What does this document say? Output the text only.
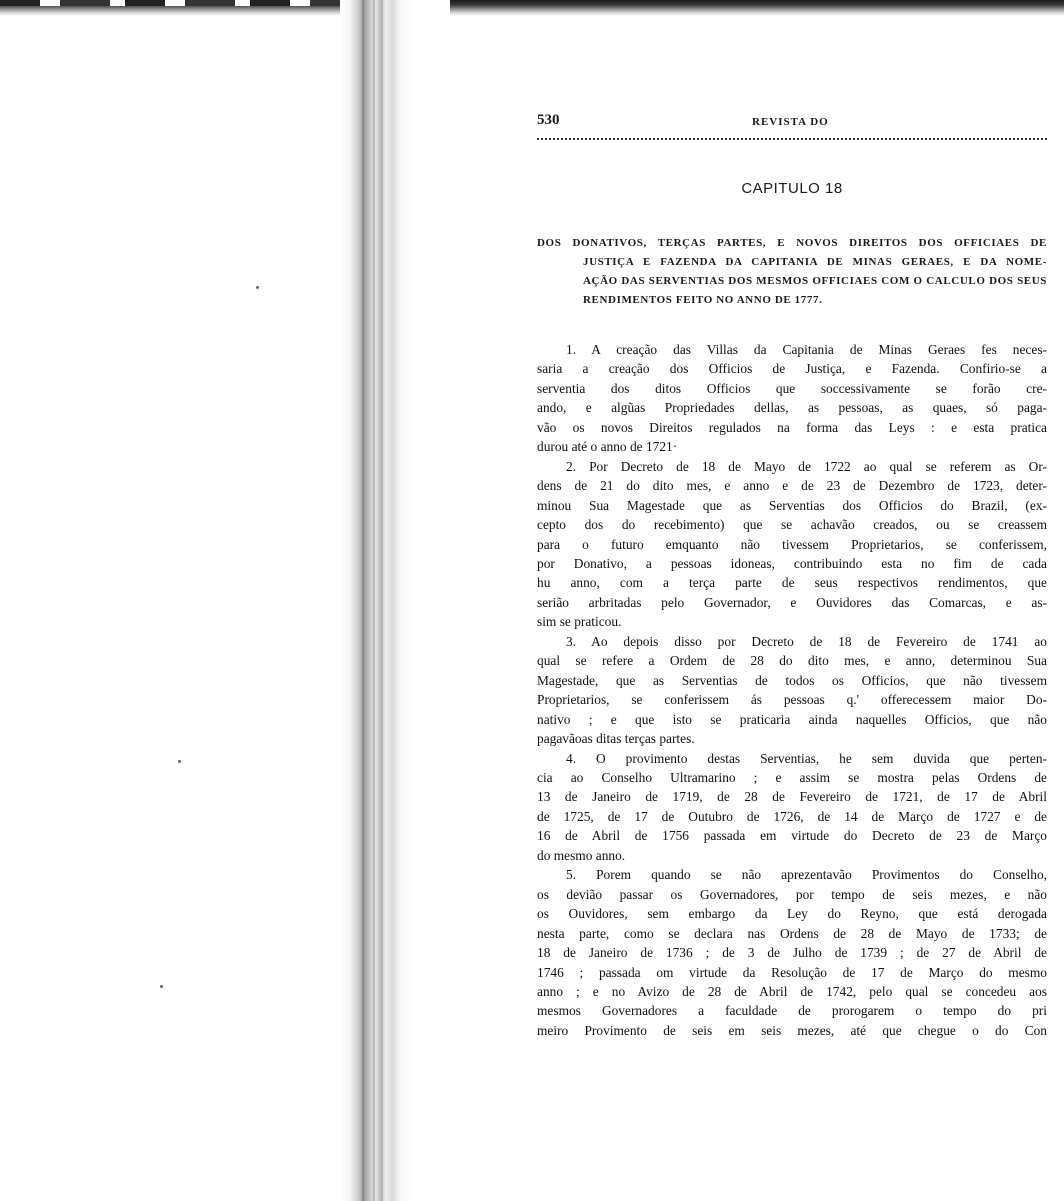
530	REVISTA DO
CAPITULO 18
DOS DONATIVOS, TERÇAS PARTES, E NOVOS DIREITOS DOS OFFICIAES DE
JUSTIÇA E FAZENDA DA CAPITANIA DE MINAS GERAES, E DA NOME-
AÇÃO DAS SERVENTIAS DOS MESMOS OFFICIAES COM O CALCULO DOS SEUS
RENDIMENTOS FEITO NO ANNO DE 1777.
1. A creação das Villas da Capitania de Minas Geraes fes neces-
saria a creação dos Officios de Justiça, e Fazenda. Confirio-se a
serventia dos ditos Officios que soccessivamente se forão cre-
ando, e algũas Propriedades dellas, as pessoas, as quaes, só paga-
vão os novos Direitos regulados na forma das Leys : e esta pratica
durou até o anno de 1721·
2. Por Decreto de 18 de Mayo de 1722 ao qual se referem as Or-
dens de 21 do dito mes, e anno e de 23 de Dezembro de 1723, deter-
minou Sua Magestade que as Serventias dos Officios do Brazil, (ex-
cepto dos do recebimento) que se achavão creados, ou se creassem
para o futuro emquanto não tivessem Proprietarios, se conferissem,
por Donativo, a pessoas idoneas, contribuindo esta no fim de cada
hu anno, com a terça parte de seus respectivos rendimentos, que
serião arbritadas pelo Governador, e Ouvidores das Comarcas, e as-
sim se praticou.
3. Ao depois disso por Decreto de 18 de Fevereiro de 1741 ao
qual se refere a Ordem de 28 do dito mes, e anno, determinou Sua
Magestade, que as Serventias de todos os Officios, que não tivessem
Proprietarios, se conferissem ás pessoas q.' offerecessem maior Do-
nativo ; e que isto se praticaria ainda naquelles Officios, que não
pagavãoas ditas terças partes.
4. O provimento destas Serventias, he sem duvida que perten-
cia ao Conselho Ultramarino ; e assim se mostra pelas Ordens de
13 de Janeiro de 1719, de 28 de Fevereiro de 1721, de 17 de Abril
de 1725, de 17 de Outubro de 1726, de 14 de Março de 1727 e de
16 de Abril de 1756 passada em virtude do Decreto de 23 de Março
do mesmo anno.
5. Porem quando se não aprezentavão Provimentos do Conselho,
os devião passar os Governadores, por tempo de seis mezes, e não
os Ouvidores, sem embargo da Ley do Reyno, que está derogada
nesta parte, como se declara nas Ordens de 28 de Mayo de 1733; de
18 de Janeiro de 1736 ; de 3 de Julho de 1739 ; de 27 de Abril de
1746 ; passada om virtude da Resolução de 17 de Março do mesmo
anno ; e no Avizo de 28 de Abril de 1742, pelo qual se concedeu aos
mesmos Governadores a faculdade de prorogarem o tempo do pri
meiro Provimento de seis em seis mezes, até que chegue o do Con
